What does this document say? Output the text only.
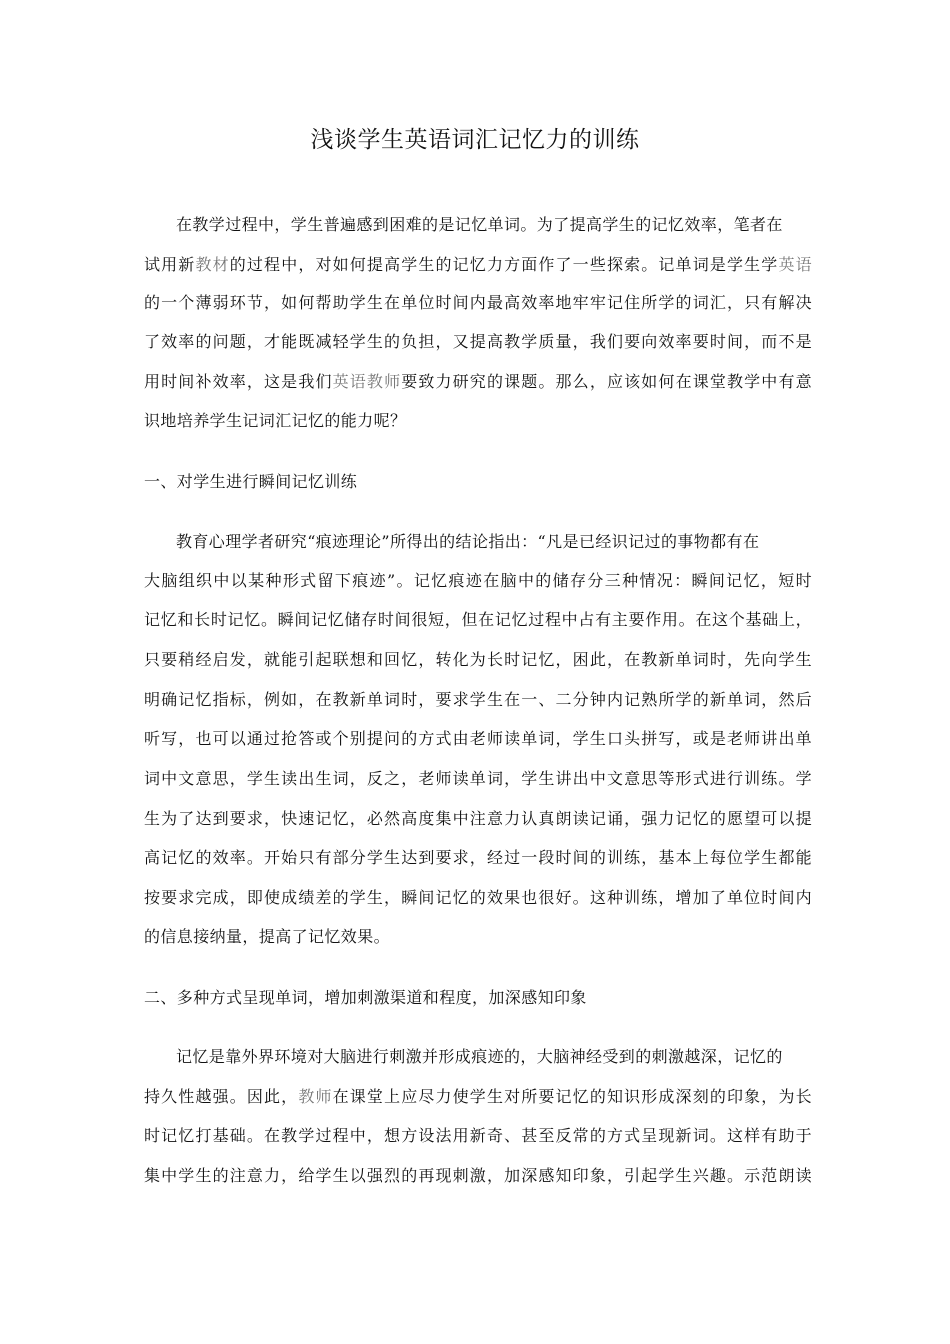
浅谈学生英语词汇记忆力的训练
在教学过程中，学生普遍感到困难的是记忆单词。为了提高学生的记忆效率，笔者在
试用新教材的过程中，对如何提高学生的记忆力方面作了一些探索。记单词是学生学英语
的一个薄弱环节，如何帮助学生在单位时间内最高效率地牢牢记住所学的词汇，只有解决
了效率的问题，才能既减轻学生的负担，又提高教学质量，我们要向效率要时间，而不是
用时间补效率，这是我们英语教师要致力研究的课题。那么，应该如何在课堂教学中有意
识地培养学生记词汇记忆的能力呢？
一、对学生进行瞬间记忆训练
教育心理学者研究“痕迹理论”所得出的结论指出：“凡是已经识记过的事物都有在
大脑组织中以某种形式留下痕迹”。记忆痕迹在脑中的储存分三种情况：瞬间记忆，短时
记忆和长时记忆。瞬间记忆储存时间很短，但在记忆过程中占有主要作用。在这个基础上，
只要稍经启发，就能引起联想和回忆，转化为长时记忆，困此，在教新单词时，先向学生
明确记忆指标，例如，在教新单词时，要求学生在一、二分钟内记熟所学的新单词，然后
听写，也可以通过抢答或个别提问的方式由老师读单词，学生口头拼写，或是老师讲出单
词中文意思，学生读出生词，反之，老师读单词，学生讲出中文意思等形式进行训练。学
生为了达到要求，快速记忆，必然高度集中注意力认真朗读记诵，强力记忆的愿望可以提
高记忆的效率。开始只有部分学生达到要求，经过一段时间的训练，基本上每位学生都能
按要求完成，即使成绩差的学生，瞬间记忆的效果也很好。这种训练，增加了单位时间内
的信息接纳量，提高了记忆效果。
二、多种方式呈现单词，增加刺激渠道和程度，加深感知印象
记忆是靠外界环境对大脑进行刺激并形成痕迹的，大脑神经受到的刺激越深，记忆的
持久性越强。因此，教师在课堂上应尽力使学生对所要记忆的知识形成深刻的印象，为长
时记忆打基础。在教学过程中，想方设法用新奇、甚至反常的方式呈现新词。这样有助于
集中学生的注意力，给学生以强烈的再现刺激，加深感知印象，引起学生兴趣。示范朗读
